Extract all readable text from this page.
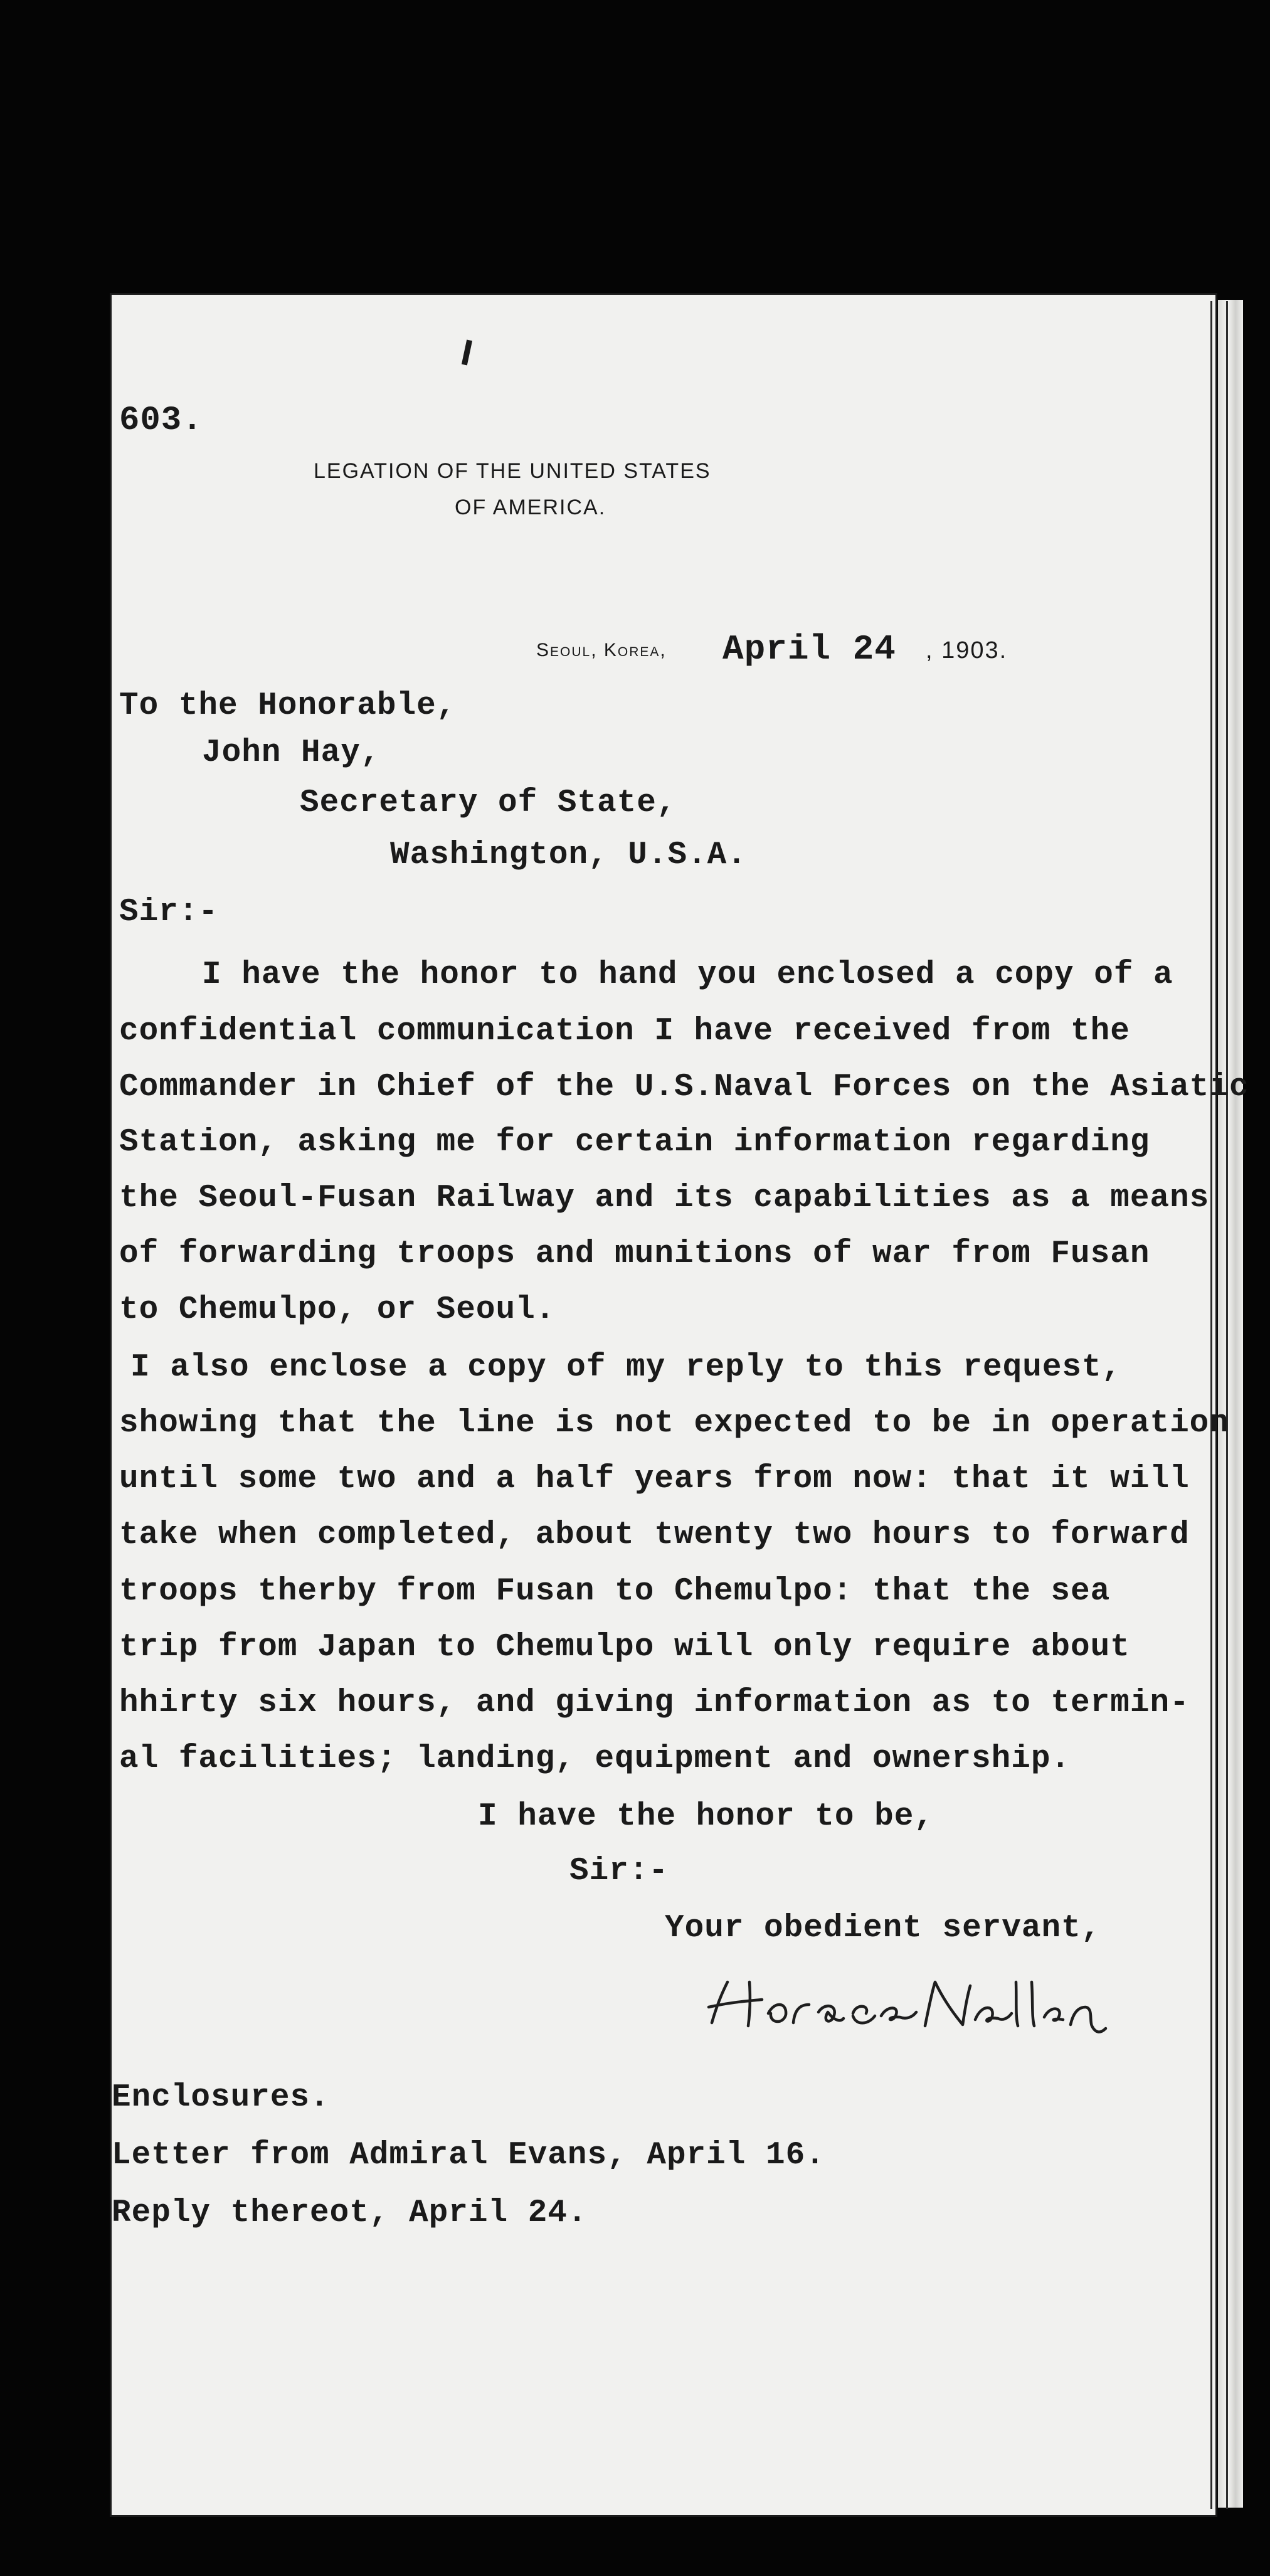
603.
LEGATION OF THE UNITED STATES
OF AMERICA.
Seoul, Korea, April 24 , 1903.
To the Honorable,
John Hay,
Secretary of State,
Washington, U.S.A.
Sir:-
I have the honor to hand you enclosed a copy of a
confidential communication I have received from the
Commander in Chief of the U.S.Naval Forces on the Asiatic
Station, asking me for certain information regarding
the Seoul-Fusan Railway and its capabilities as a means
of forwarding troops and munitions of war from Fusan
to Chemulpo, or Seoul.
I also enclose a copy of my reply to this request,
showing that the line is not expected to be in operation
until some two and a half years from now: that it will
take when completed, about twenty two hours to forward
troops therby from Fusan to Chemulpo: that the sea
trip from Japan to Chemulpo will only require about
hhirty six hours, and giving information as to termin-
al facilities; landing, equipment and ownership.
I have the honor to be,
Sir:-
Your obedient servant,
Enclosures.
Letter from Admiral Evans, April 16.
Reply thereot, April 24.
